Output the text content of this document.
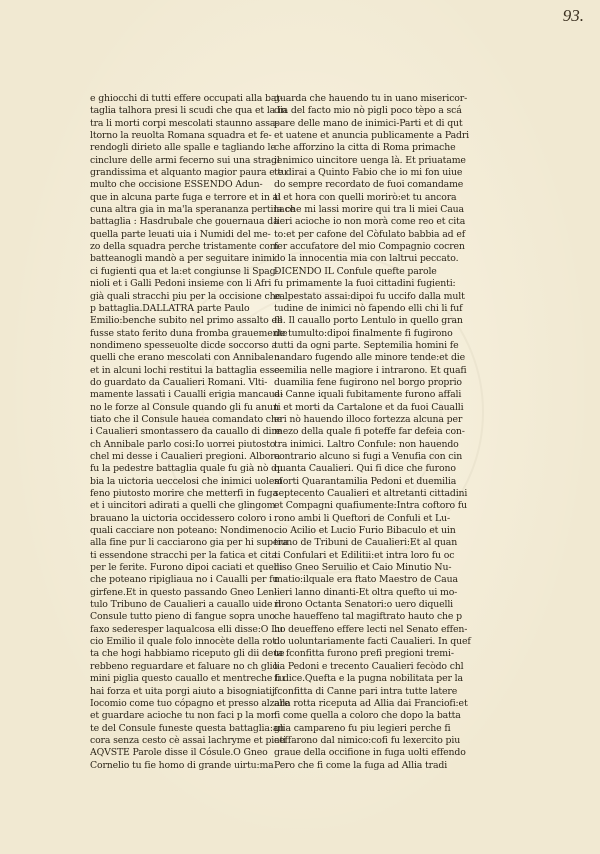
93.
e ghiocchi di tutti effere occupati alla bat-
taglia talhora presi li scudi che qua et la in
tra li morti corpi mescolati staunno assa-
ltorno la reuolta Romana squadra et fe-
rendogli dirieto alle spalle e tagliando le
cinclure delle armi fecerno sui una strage
grandissima et alquanto magior paura e tu
multo che occisione ESSENDO Adun-
que in alcuna parte fuga e terrore et in al
cuna altra gia in ma'la sperananza pertinace
battaglia : Hasdrubale che gouernaua da
quella parte leuati uia i Numidi del me-
zo della squadra perche tristamente com
batteanogli mandò a per seguitare inimi
ci fugienti qua et la:et congiunse li Spag-
nioli et i Galli Pedoni insieme con li Afri
già quali stracchi piu per la occisione che
p battaglia.DALLATRA parte Paulo
Emilio:benche subito nel primo assalto ell
fusse stato ferito duna fromba grauemente
nondimeno spesseuolte dicde soccorso a
quelli che erano mescolati con Annibale :
et in alcuni lochi restitui la battaglia esse
do guardato da Caualieri Romani. Vlti-
mamente lassati i Caualli erigia mancaua-
no le forze al Consule quando gli fu anun
tiato che il Consule hauea comandato che
i Caualieri smontassero da cauallo di dire
ch Annibale parlo cosi:Io uorrei piutosto
chel mi desse i Caualieri pregioni. Albora
fu la pedestre battaglia quale fu già nò du
bia la uictoria ueccelosi che inimici uolesf
feno piutosto morire che metterfi in fuga
et i uincitori adirati a quelli che glingom
brauano la uictoria occidessero coloro i
quali cacciare non poteano: Nondimeno
alla fine pur li cacciarono gia per hi supera
ti essendone stracchi per la fatica et cita
per le ferite. Furono dipoi caciati et quelli
che poteano ripigliaua no i Caualli per fu
girfene.Et in questo passando Gneo Len-
tulo Tribuno de Caualieri a cauallo uide il
Consule tutto pieno di fangue sopra uno
faxo sederesper laqualcosa elli disse:O Lu
cio Emilio il quale folo innocète della rot
ta che hogi habbiamo riceputo gli dii deue
rebbeno reguardare et faluare no ch glio
mini piglia questo cauallo et mentreche tu
hai forza et uita porgi aiuto a bisogniatij
Iocomio come tuo cópagno et presso alzare
et guardare acioche tu non faci p la mor
te del Consule funeste questa battaglia:an
cora senza cesto cè assai lachryme et piati
AQVSTE Parole disse il Cósule.O Gneo
Cornelio tu fie homo di grande uirtu:ma
guarda che hauendo tu in uano misericor-
dia del facto mio nò pigli poco tèpo a scá
pare delle mano de inimici-Parti et di qut
et uatene et anuncia publicamente a Padri
che afforzino la citta di Roma primache
il nimico uincitore uenga là. Et priuatame
te dirai a Quinto Fabio che io mi fon uiue
do sempre recordato de fuoi comandame
ti et hora con quelli morirò:et tu ancora
la che mi lassi morire qui tra li miei Caua
lieri acioche io non morà come reo et cita
to:et per cafone del Còfulato babbia ad ef
fer accufatore del mio Compagnio cocren
do la innocentia mia con laltrui peccato.
DICENDO IL Confule quefte parole
fu primamente la fuoi cittadini fugienti:
ealpestato assai:dipoi fu uccifo dalla mult
tudine de inimici nò fapendo elli chi li fuf
fe. Il cauallo porto Lentulo in quello gran
de tumulto:dipoi finalmente fi fugirono
tutti da ogni parte. Septemilia homini fe
nandaro fugendo alle minore tende:et die
cemilia nelle magiore i intrarono. Et quafi
duamilia fene fugirono nel borgo proprio
di Canne iquali fubitamente furono affali
ti et morti da Cartalone et da fuoi Caualli
eri nò hauendo illoco fortezza alcuna per
mezo della quale fi poteffe far defeia con-
tra inimici. Laltro Confule: non hauendo
contrario alcuno si fugi a Venufia con cin
quanta Caualieri. Qui fi dice che furono
morti Quarantamilia Pedoni et duemilia
septecento Caualieri et altretanti cittadini
et Compagni quafiumente:Intra coftoro fu
rono ambi li Queftori de Confuli et Lu-
cio Acilio et Lucio Furio Bibaculo et uin
tiuno de Tribuni de Caualieri:Et al quan
ti Confulari et Edilitii:et intra loro fu oc
ciso Gneo Seruilio et Caio Minutio Nu-
matio:ilquale era ftato Maestro de Caua
lieri lanno dinanti-Et oltra quefto ui mo-
rirono Octanta Senatori:o uero diquelli
che haueffeno tal magiftrato hauto che p
ho deueffeno effere lecti nel Senato effen-
do uoluntariamente facti Caualieri. In quef
ta fconfitta furono prefi pregioni tremi-
lia Pedoni e trecento Caualieri fecòdo chl
fi dice.Quefta e la pugna nobilitata per la
fconfitta di Canne pari intra tutte latere
alla rotta riceputa ad Allia dai Franciofi:et
fi come quella a coloro che dopo la batta
glia campareno fu piu legieri perche fi
ceffarono dal nimico:cofi fu lexercito piu
graue della occifione in fuga uolti effendo
Pero che fi come la fuga ad Allia tradi
